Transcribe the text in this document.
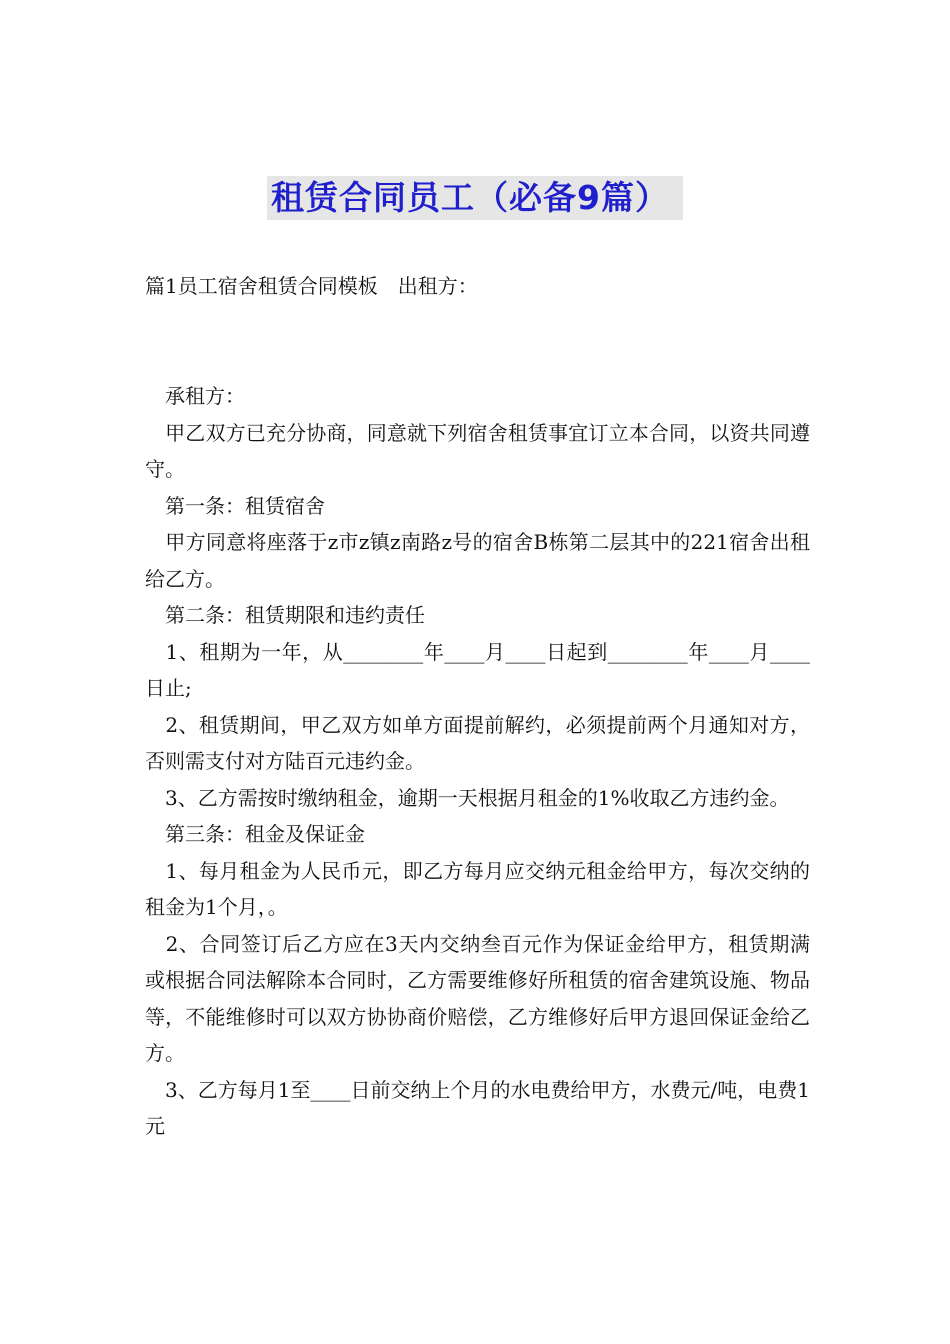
租赁合同员工（必备9篇）
篇1员工宿舍租赁合同模板　出租方：

　承租方：

　甲乙双方已充分协商，同意就下列宿舍租赁事宜订立本合同，以资共同遵守。

　第一条：租赁宿舍

　甲方同意将座落于z市z镇z南路z号的宿舍B栋第二层其中的221宿舍出租给乙方。

　第二条：租赁期限和违约责任

　1、租期为一年，从________年____月____日起到________年____月____日止;

　2、租赁期间，甲乙双方如单方面提前解约，必须提前两个月通知对方，否则需支付对方陆百元违约金。

　3、乙方需按时缴纳租金，逾期一天根据月租金的1%收取乙方违约金。

　第三条：租金及保证金

　1、每月租金为人民币元，即乙方每月应交纳元租金给甲方，每次交纳的租金为1个月，。

　2、合同签订后乙方应在3天内交纳叁百元作为保证金给甲方，租赁期满或根据合同法解除本合同时，乙方需要维修好所租赁的宿舍建筑设施、物品等，不能维修时可以双方协协商价赔偿，乙方维修好后甲方退回保证金给乙方。

　3、乙方每月1至____日前交纳上个月的水电费给甲方，水费元/吨，电费1元
